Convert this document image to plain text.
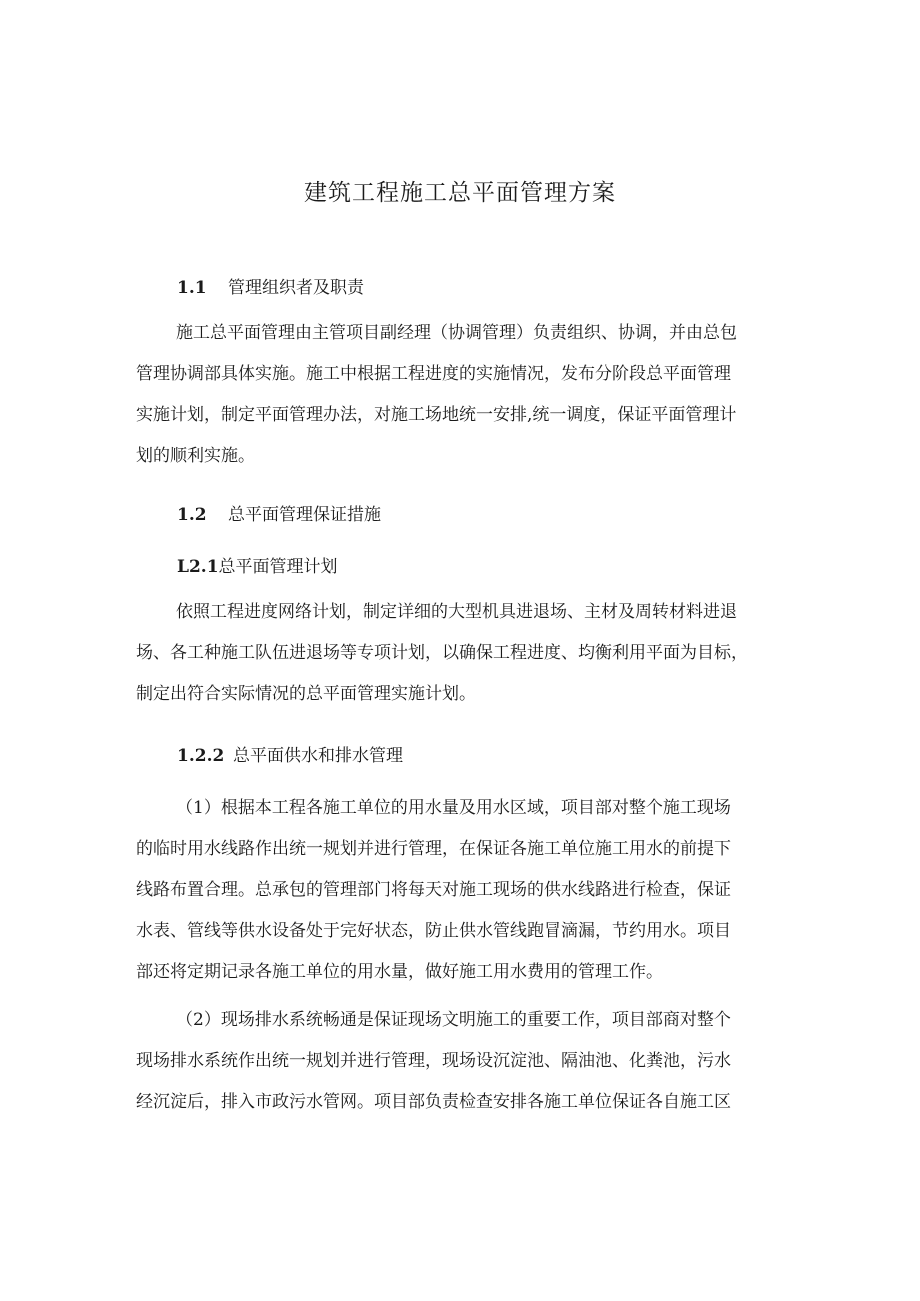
建筑工程施工总平面管理方案
1.1 管理组织者及职责
施工总平面管理由主管项目副经理（协调管理）负责组织、协调，并由总包
管理协调部具体实施。施工中根据工程进度的实施情况，发布分阶段总平面管理
实施计划，制定平面管理办法，对施工场地统一安排,统一调度，保证平面管理计
划的顺利实施。
1.2 总平面管理保证措施
L2.1总平面管理计划
依照工程进度网络计划，制定详细的大型机具进退场、主材及周转材料进退
场、各工种施工队伍进退场等专项计划，以确保工程进度、均衡利用平面为目标，
制定出符合实际情况的总平面管理实施计划。
1.2.2 总平面供水和排水管理
（1）根据本工程各施工单位的用水量及用水区域，项目部对整个施工现场
的临时用水线路作出统一规划并进行管理，在保证各施工单位施工用水的前提下
线路布置合理。总承包的管理部门将每天对施工现场的供水线路进行检查，保证
水表、管线等供水设备处于完好状态，防止供水管线跑冒滴漏，节约用水。项目
部还将定期记录各施工单位的用水量，做好施工用水费用的管理工作。
（2）现场排水系统畅通是保证现场文明施工的重要工作，项目部商对整个
现场排水系统作出统一规划并进行管理，现场设沉淀池、隔油池、化粪池，污水
经沉淀后，排入市政污水管网。项目部负责检查安排各施工单位保证各自施工区
